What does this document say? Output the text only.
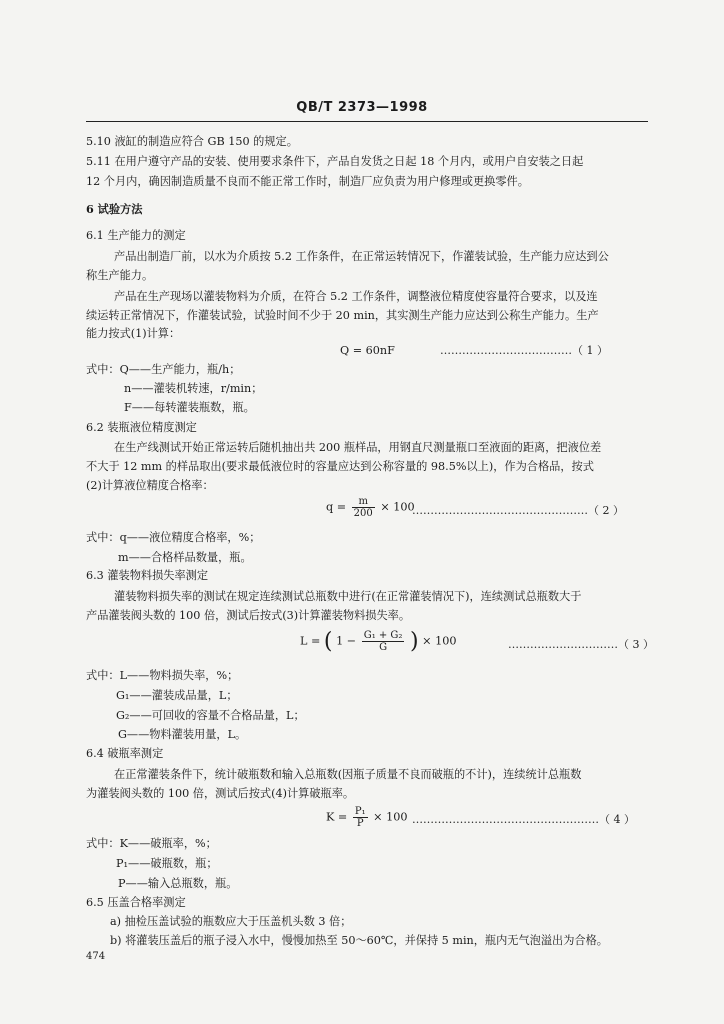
QB/T 2373—1998
5.10 液缸的制造应符合 GB 150 的规定。
5.11 在用户遵守产品的安装、使用要求条件下，产品自发货之日起 18 个月内，或用户自安装之日起
12 个月内，确因制造质量不良而不能正常工作时，制造厂应负责为用户修理或更换零件。
6 试验方法
6.1 生产能力的测定
产品出制造厂前，以水为介质按 5.2 工作条件，在正常运转情况下，作灌装试验，生产能力应达到公
称生产能力。
产品在生产现场以灌装物料为介质，在符合 5.2 工作条件，调整液位精度使容量符合要求，以及连
续运转正常情况下，作灌装试验，试验时间不少于 20 min，其实测生产能力应达到公称生产能力。生产
能力按式(1)计算：
Q = 60nF	………………………………（ 1 ）
式中：Q——生产能力，瓶/h；
n——灌装机转速，r/min；
F——每转灌装瓶数，瓶。
6.2 装瓶液位精度测定
在生产线测试开始正常运转后随机抽出共 200 瓶样品，用钢直尺测量瓶口至液面的距离，把液位差
不大于 12 mm 的样品取出(要求最低液位时的容量应达到公称容量的 98.5%以上)，作为合格品，按式
(2)计算液位精度合格率：
$q = \frac{m}{200} \times 100$
…………………………………………（ 2 ）
式中：q——液位精度合格率，%；
m——合格样品数量，瓶。
6.3 灌装物料损失率测定
灌装物料损失率的测试在规定连续测试总瓶数中进行(在正常灌装情况下)，连续测试总瓶数大于
产品灌装阀头数的 100 倍，测试后按式(3)计算灌装物料损失率。
L = ( $1 - \frac{\text{G₁ + G₂}}{G}$ ) × 100	…………………………（ 3 ）
式中：L——物料损失率，%；
G₁——灌装成品量，L；
G₂——可回收的容量不合格品量，L；
G——物料灌装用量，L。
6.4 破瓶率测定
在正常灌装条件下，统计破瓶数和输入总瓶数(因瓶子质量不良而破瓶的不计)，连续统计总瓶数
为灌装阀头数的 100 倍，测试后按式(4)计算破瓶率。
$K = \frac{\text{P₁}}{P} \times 100$ ……………………………………………（ 4 ）
式中：K——破瓶率，%；
P₁——破瓶数，瓶；
P——输入总瓶数，瓶。
6.5 压盖合格率测定
a) 抽检压盖试验的瓶数应大于压盖机头数 3 倍；
b) 将灌装压盖后的瓶子浸入水中，慢慢加热至 50～60℃，并保持 5 min，瓶内无气泡溢出为合格。
474
